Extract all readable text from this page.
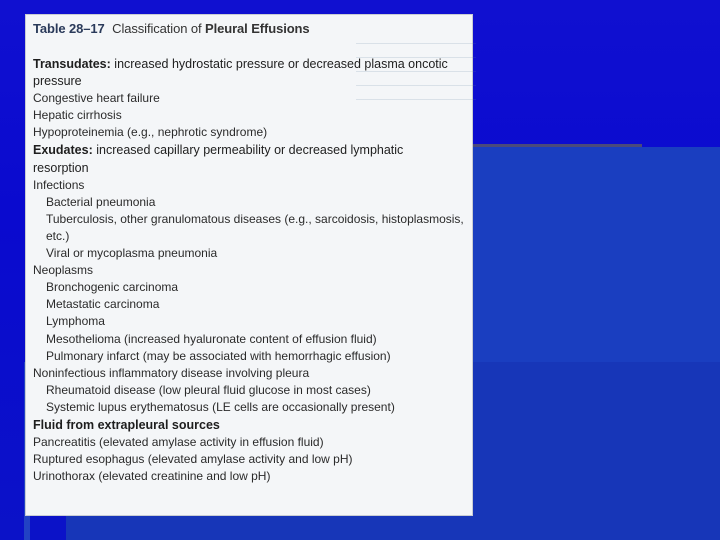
Table 28–17 Classification of Pleural Effusions
Transudates: increased hydrostatic pressure or decreased plasma oncotic pressure
Congestive heart failure
Hepatic cirrhosis
Hypoproteinemia (e.g., nephrotic syndrome)
Exudates: increased capillary permeability or decreased lymphatic resorption
Infections
Bacterial pneumonia
Tuberculosis, other granulomatous diseases (e.g., sarcoidosis, histoplasmosis,
etc.)
Viral or mycoplasma pneumonia
Neoplasms
Bronchogenic carcinoma
Metastatic carcinoma
Lymphoma
Mesothelioma (increased hyaluronate content of effusion fluid)
Pulmonary infarct (may be associated with hemorrhagic effusion)
Noninfectious inflammatory disease involving pleura
Rheumatoid disease (low pleural fluid glucose in most cases)
Systemic lupus erythematosus (LE cells are occasionally present)
Fluid from extrapleural sources
Pancreatitis (elevated amylase activity in effusion fluid)
Ruptured esophagus (elevated amylase activity and low pH)
Urinothorax (elevated creatinine and low pH)
